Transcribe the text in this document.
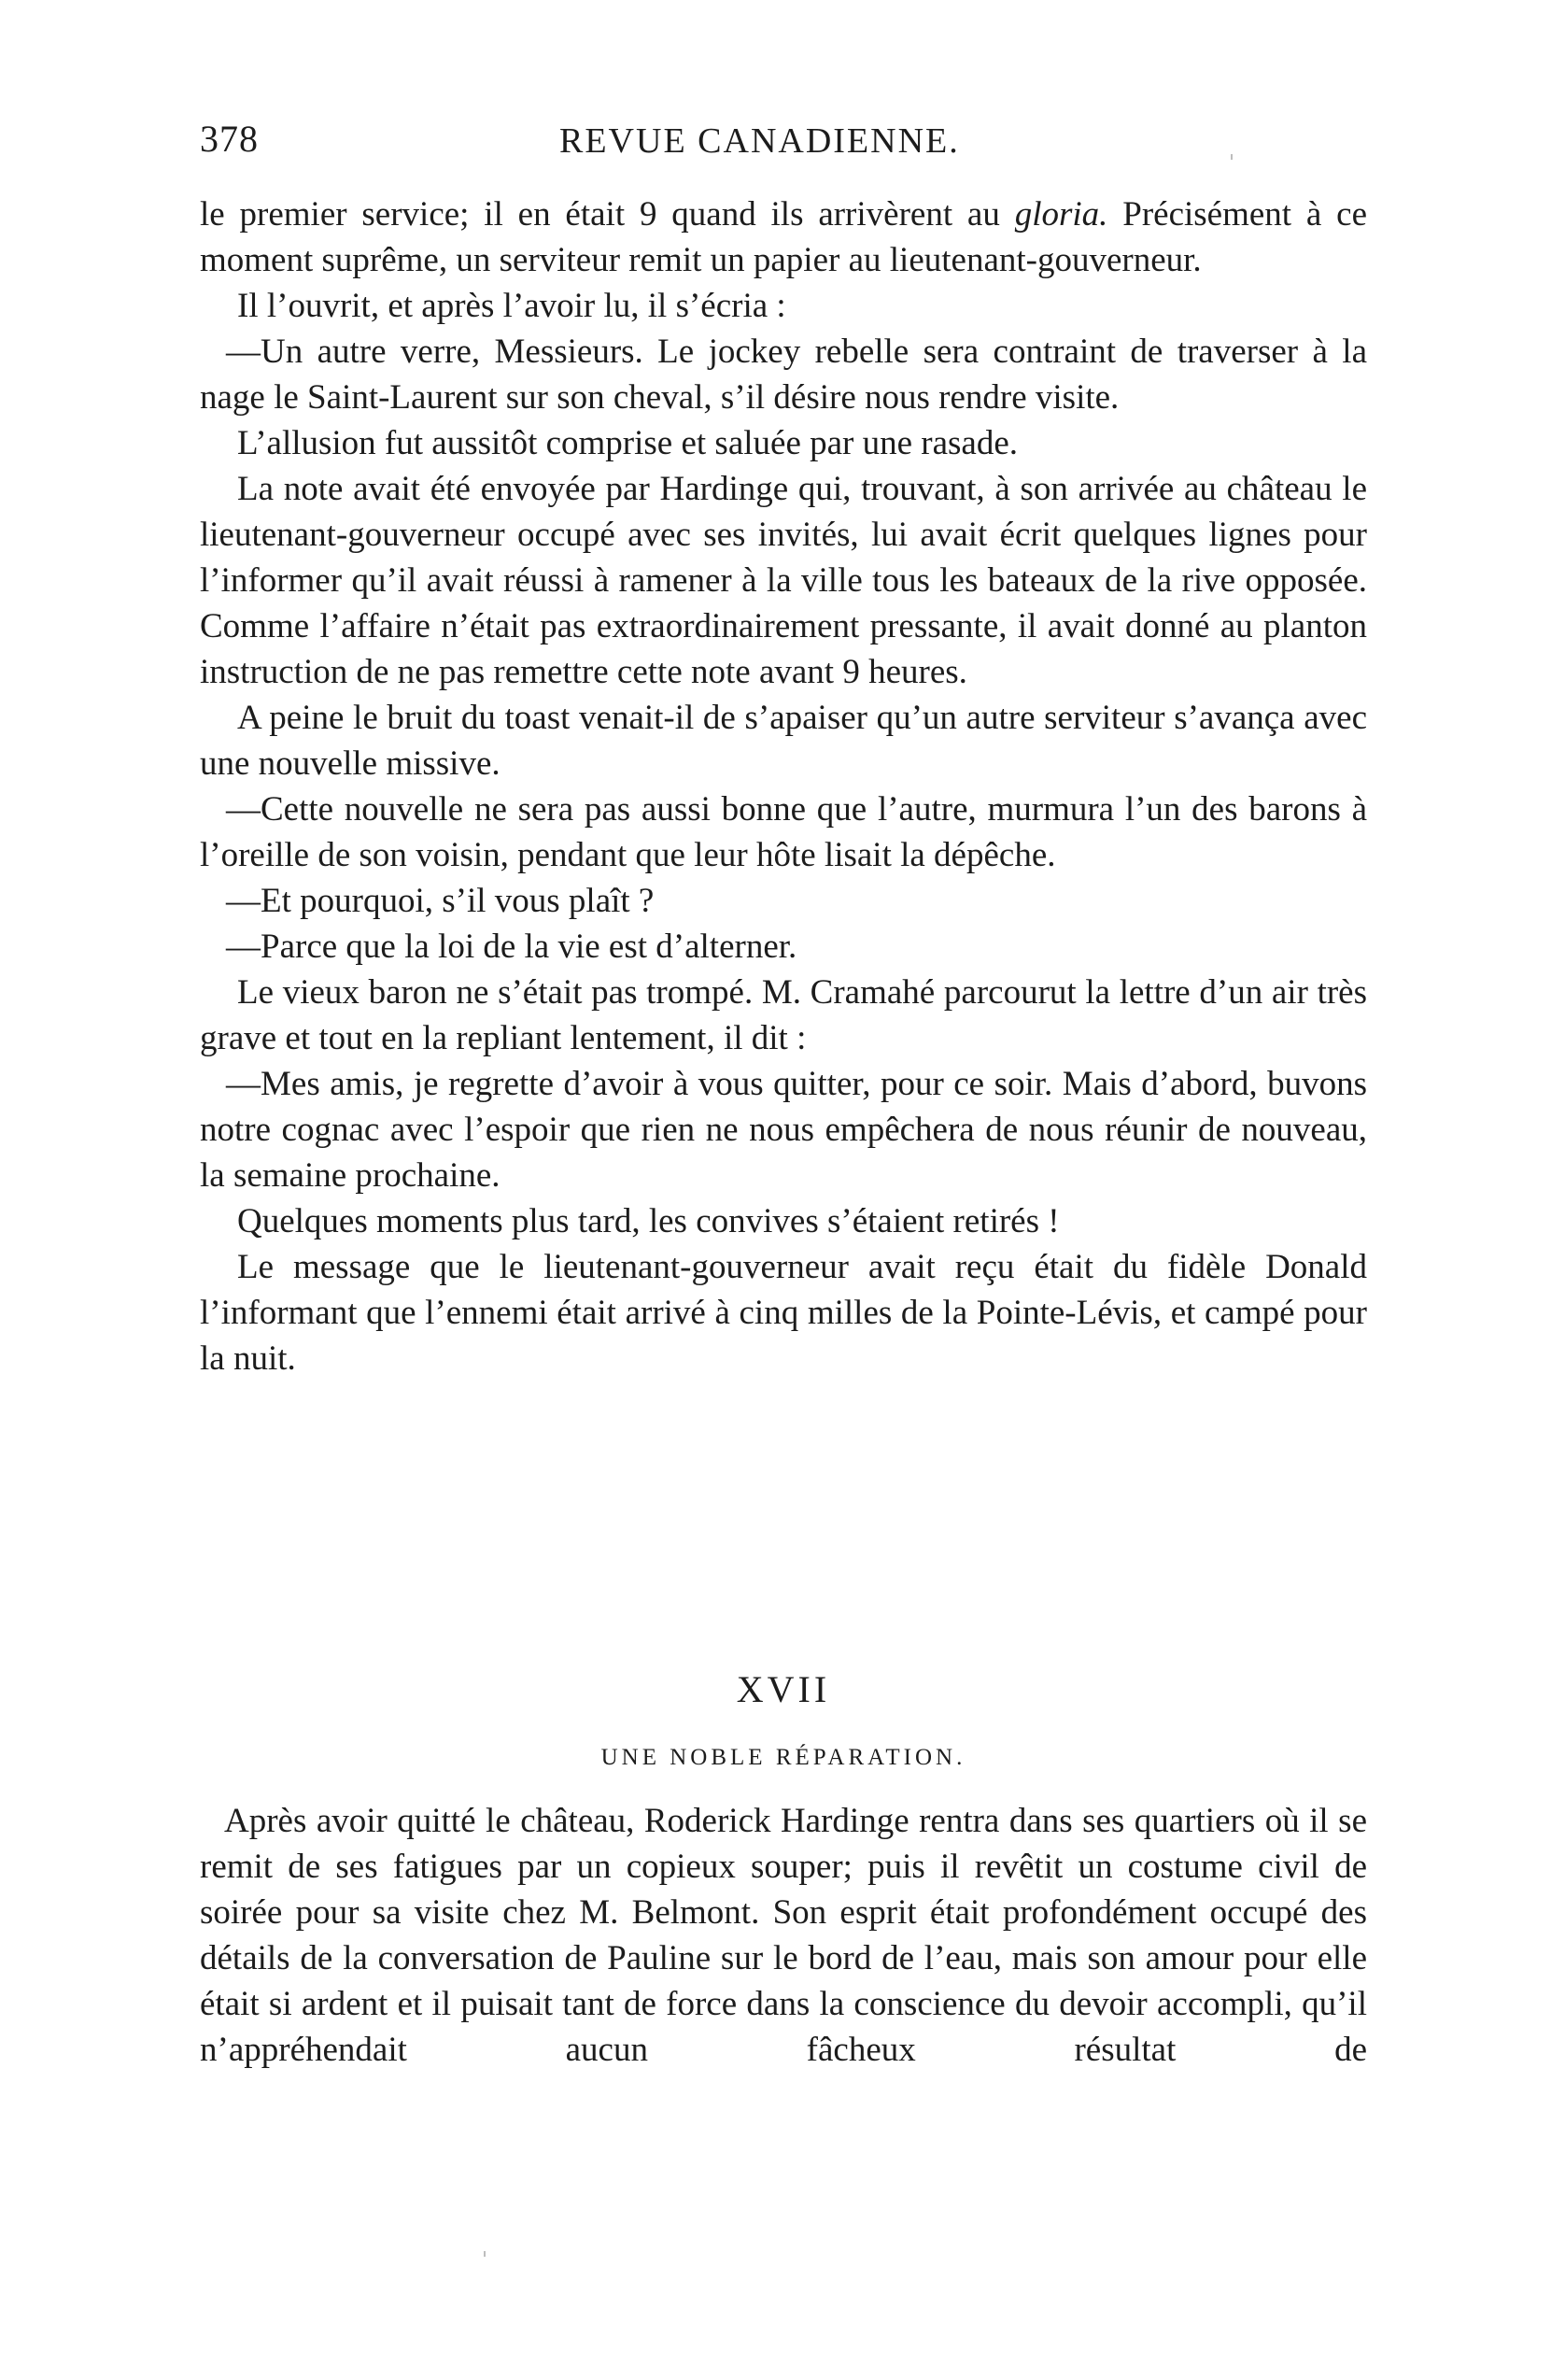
378	REVUE CANADIENNE.

le premier service; il en était 9 quand ils arrivèrent au gloria. Précisément à ce moment suprême, un serviteur remit un papier au lieutenant-gouverneur.

Il l’ouvrit, et après l’avoir lu, il s’écria :

—Un autre verre, Messieurs. Le jockey rebelle sera contraint de traverser à la nage le Saint-Laurent sur son cheval, s’il désire nous rendre visite.

L’allusion fut aussitôt comprise et saluée par une rasade.

La note avait été envoyée par Hardinge qui, trouvant, à son arrivée au château le lieutenant-gouverneur occupé avec ses invités, lui avait écrit quelques lignes pour l’informer qu’il avait réussi à ramener à la ville tous les bateaux de la rive opposée. Comme l’affaire n’était pas extraordinairement pressante, il avait donné au planton instruction de ne pas remettre cette note avant 9 heures.

A peine le bruit du toast venait-il de s’apaiser qu’un autre serviteur s’avança avec une nouvelle missive.

—Cette nouvelle ne sera pas aussi bonne que l’autre, murmura l’un des barons à l’oreille de son voisin, pendant que leur hôte lisait la dépêche.

—Et pourquoi, s’il vous plaît ?

—Parce que la loi de la vie est d’alterner.

Le vieux baron ne s’était pas trompé. M. Cramahé parcourut la lettre d’un air très grave et tout en la repliant lentement, il dit :

—Mes amis, je regrette d’avoir à vous quitter, pour ce soir. Mais d’abord, buvons notre cognac avec l’espoir que rien ne nous empêchera de nous réunir de nouveau, la semaine prochaine.

Quelques moments plus tard, les convives s’étaient retirés !

Le message que le lieutenant-gouverneur avait reçu était du fidèle Donald l’informant que l’ennemi était arrivé à cinq milles de la Pointe-Lévis, et campé pour la nuit.

XVII
UNE NOBLE RÉPARATION.

Après avoir quitté le château, Roderick Hardinge rentra dans ses quartiers où il se remit de ses fatigues par un copieux souper; puis il revêtit un costume civil de soirée pour sa visite chez M. Belmont. Son esprit était profondément occupé des détails de la conversation de Pauline sur le bord de l’eau, mais son amour pour elle était si ardent et il puisait tant de force dans la conscience du devoir accompli, qu’il n’appréhendait aucun fâcheux résultat de
